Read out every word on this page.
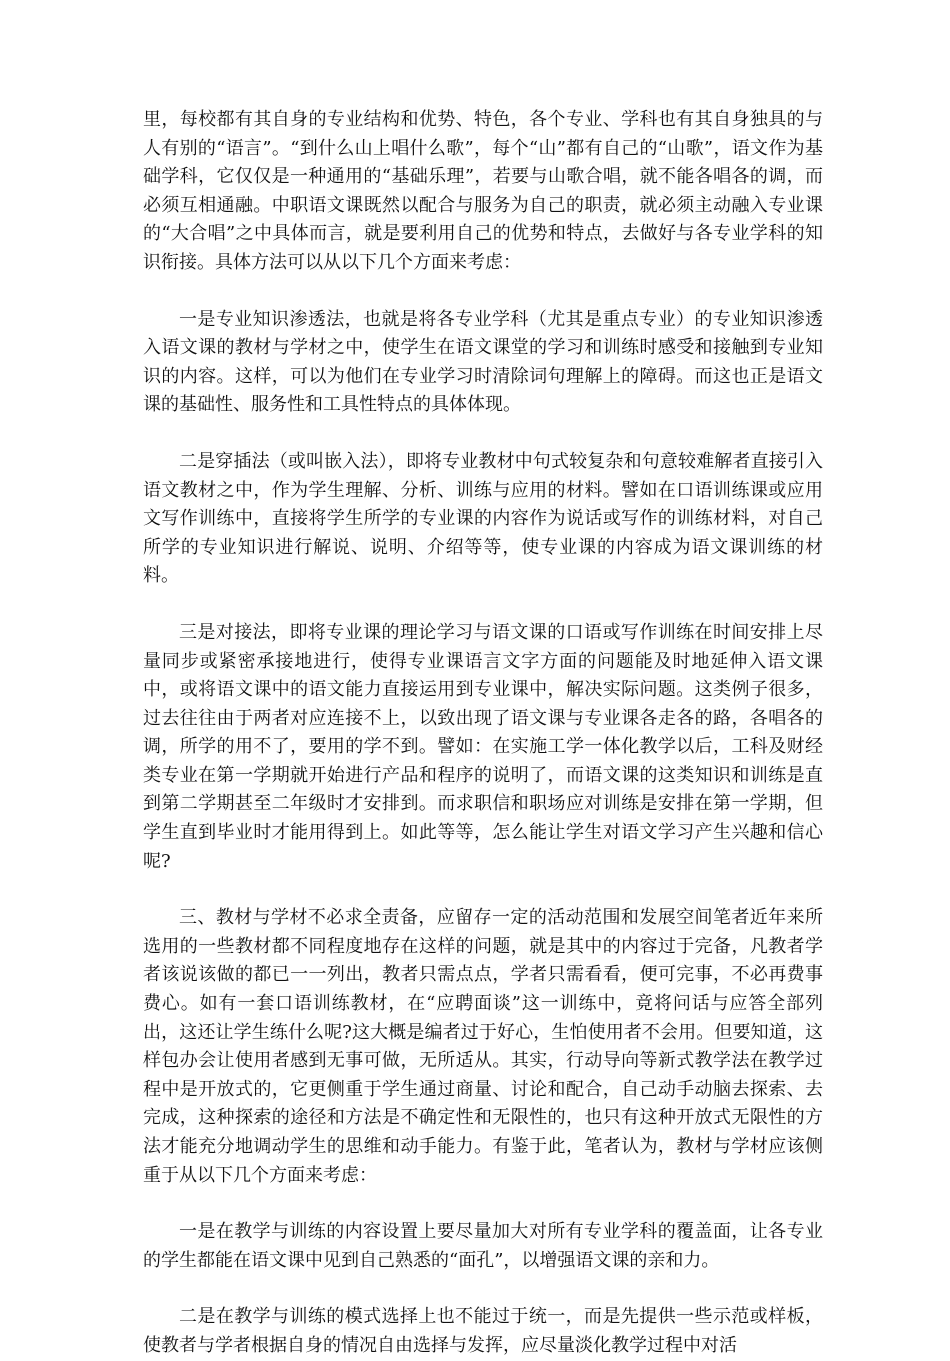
里，每校都有其自身的专业结构和优势、特色，各个专业、学科也有其自身独具的与人有别的“语言”。“到什么山上唱什么歌”，每个“山”都有自己的“山歌”，语文作为基础学科，它仅仅是一种通用的“基础乐理”，若要与山歌合唱，就不能各唱各的调，而必须互相通融。中职语文课既然以配合与服务为自己的职责，就必须主动融入专业课的“大合唱”之中具体而言，就是要利用自己的优势和特点，去做好与各专业学科的知识衔接。具体方法可以从以下几个方面来考虑：

一是专业知识渗透法，也就是将各专业学科（尤其是重点专业）的专业知识渗透入语文课的教材与学材之中，使学生在语文课堂的学习和训练时感受和接触到专业知识的内容。这样，可以为他们在专业学习时清除词句理解上的障碍。而这也正是语文课的基础性、服务性和工具性特点的具体体现。

二是穿插法（或叫嵌入法），即将专业教材中句式较复杂和句意较难解者直接引入语文教材之中，作为学生理解、分析、训练与应用的材料。譬如在口语训练课或应用文写作训练中，直接将学生所学的专业课的内容作为说话或写作的训练材料，对自己所学的专业知识进行解说、说明、介绍等等，使专业课的内容成为语文课训练的材料。

三是对接法，即将专业课的理论学习与语文课的口语或写作训练在时间安排上尽量同步或紧密承接地进行，使得专业课语言文字方面的问题能及时地延伸入语文课中，或将语文课中的语文能力直接运用到专业课中，解决实际问题。这类例子很多，过去往往由于两者对应连接不上，以致出现了语文课与专业课各走各的路，各唱各的调，所学的用不了，要用的学不到。譬如：在实施工学一体化教学以后，工科及财经类专业在第一学期就开始进行产品和程序的说明了，而语文课的这类知识和训练是直到第二学期甚至二年级时才安排到。而求职信和职场应对训练是安排在第一学期，但学生直到毕业时才能用得到上。如此等等，怎么能让学生对语文学习产生兴趣和信心呢?

三、教材与学材不必求全责备，应留存一定的活动范围和发展空间笔者近年来所选用的一些教材都不同程度地存在这样的问题，就是其中的内容过于完备，凡教者学者该说该做的都已一一列出，教者只需点点，学者只需看看，便可完事，不必再费事费心。如有一套口语训练教材，在“应聘面谈”这一训练中，竟将问话与应答全部列出，这还让学生练什么呢?这大概是编者过于好心，生怕使用者不会用。但要知道，这样包办会让使用者感到无事可做，无所适从。其实，行动导向等新式教学法在教学过程中是开放式的，它更侧重于学生通过商量、讨论和配合，自己动手动脑去探索、去完成，这种探索的途径和方法是不确定性和无限性的，也只有这种开放式无限性的方法才能充分地调动学生的思维和动手能力。有鉴于此，笔者认为，教材与学材应该侧重于从以下几个方面来考虑：

一是在教学与训练的内容设置上要尽量加大对所有专业学科的覆盖面，让各专业的学生都能在语文课中见到自己熟悉的“面孔”，以增强语文课的亲和力。

二是在教学与训练的模式选择上也不能过于统一，而是先提供一些示范或样板，使教者与学者根据自身的情况自由选择与发挥，应尽量淡化教学过程中对活
